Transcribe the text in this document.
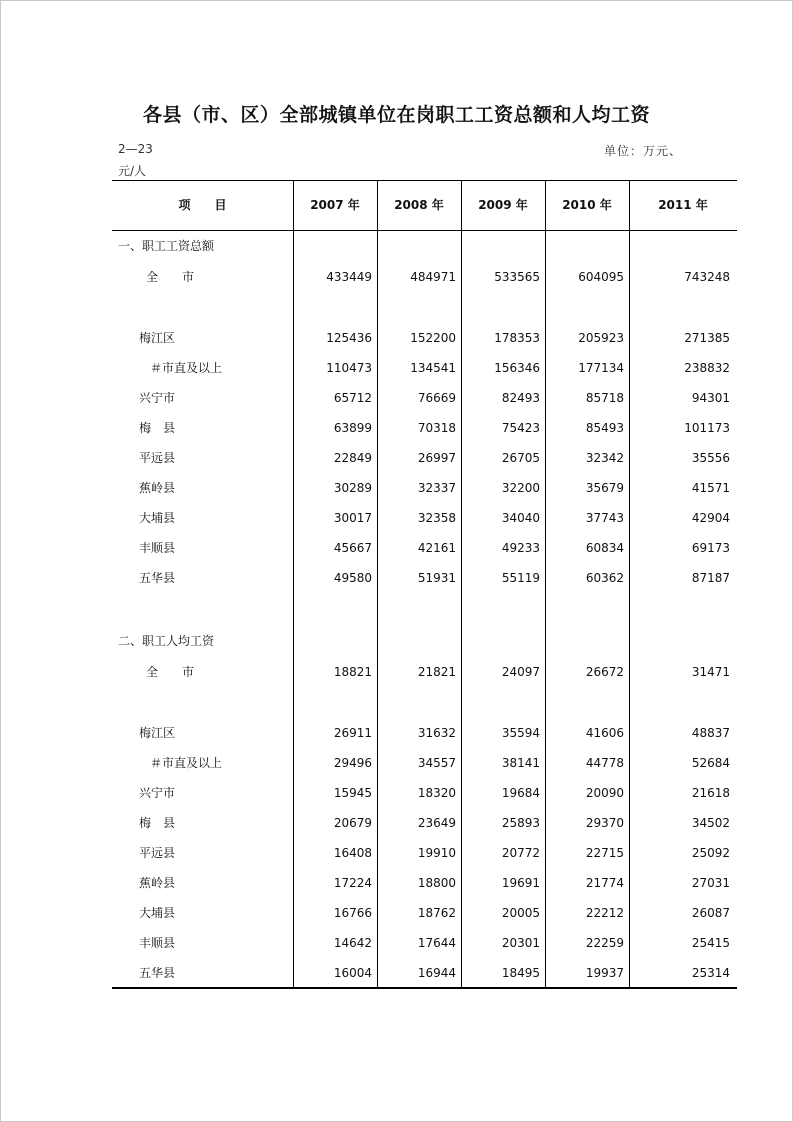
各县（市、区）全部城镇单位在岗职工工资总额和人均工资
2—23	单位：万元、
元/人
项　　目	2007 年	2008 年	2009 年	2010 年	2011 年
一、职工工资总额
全　　市	433449	484971	533565	604095	743248
梅江区	125436	152200	178353	205923	271385
＃市直及以上	110473	134541	156346	177134	238832
兴宁市	65712	76669	82493	85718	94301
梅　县	63899	70318	75423	85493	101173
平远县	22849	26997	26705	32342	35556
蕉岭县	30289	32337	32200	35679	41571
大埔县	30017	32358	34040	37743	42904
丰顺县	45667	42161	49233	60834	69173
五华县	49580	51931	55119	60362	87187
二、职工人均工资
全　　市	18821	21821	24097	26672	31471
梅江区	26911	31632	35594	41606	48837
＃市直及以上	29496	34557	38141	44778	52684
兴宁市	15945	18320	19684	20090	21618
梅　县	20679	23649	25893	29370	34502
平远县	16408	19910	20772	22715	25092
蕉岭县	17224	18800	19691	21774	27031
大埔县	16766	18762	20005	22212	26087
丰顺县	14642	17644	20301	22259	25415
五华县	16004	16944	18495	19937	25314
